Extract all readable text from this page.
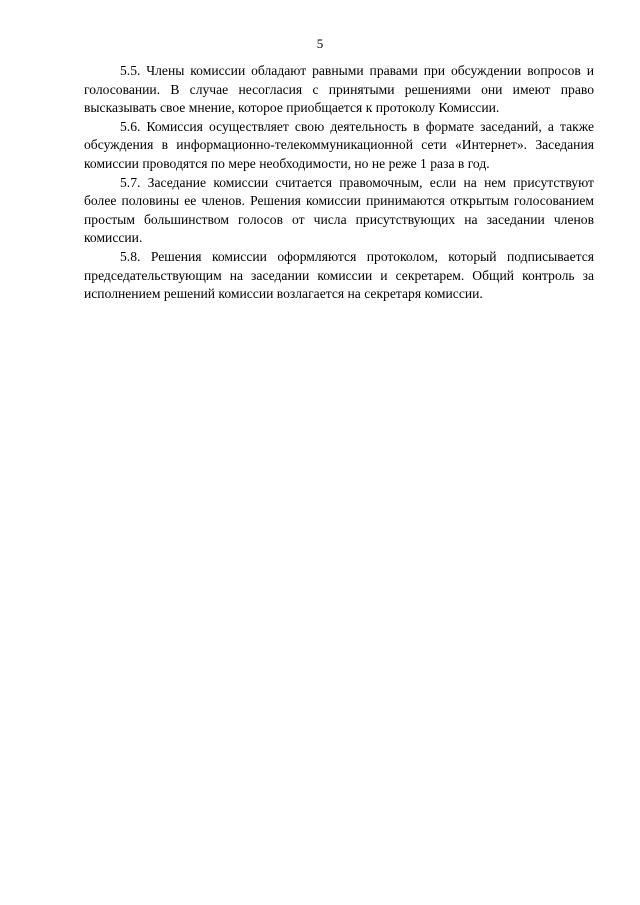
5

5.5. Члены комиссии обладают равными правами при обсуждении вопросов и голосовании. В случае несогласия с принятыми решениями они имеют право высказывать свое мнение, которое приобщается к протоколу Комиссии.

5.6. Комиссия осуществляет свою деятельность в формате заседаний, а также обсуждения в информационно-телекоммуникационной сети «Интернет». Заседания комиссии проводятся по мере необходимости, но не реже 1 раза в год.

5.7. Заседание комиссии считается правомочным, если на нем присутствуют более половины ее членов. Решения комиссии принимаются открытым голосованием простым большинством голосов от числа присутствующих на заседании членов комиссии.

5.8. Решения комиссии оформляются протоколом, который подписывается председательствующим на заседании комиссии и секретарем. Общий контроль за исполнением решений комиссии возлагается на секретаря комиссии.
